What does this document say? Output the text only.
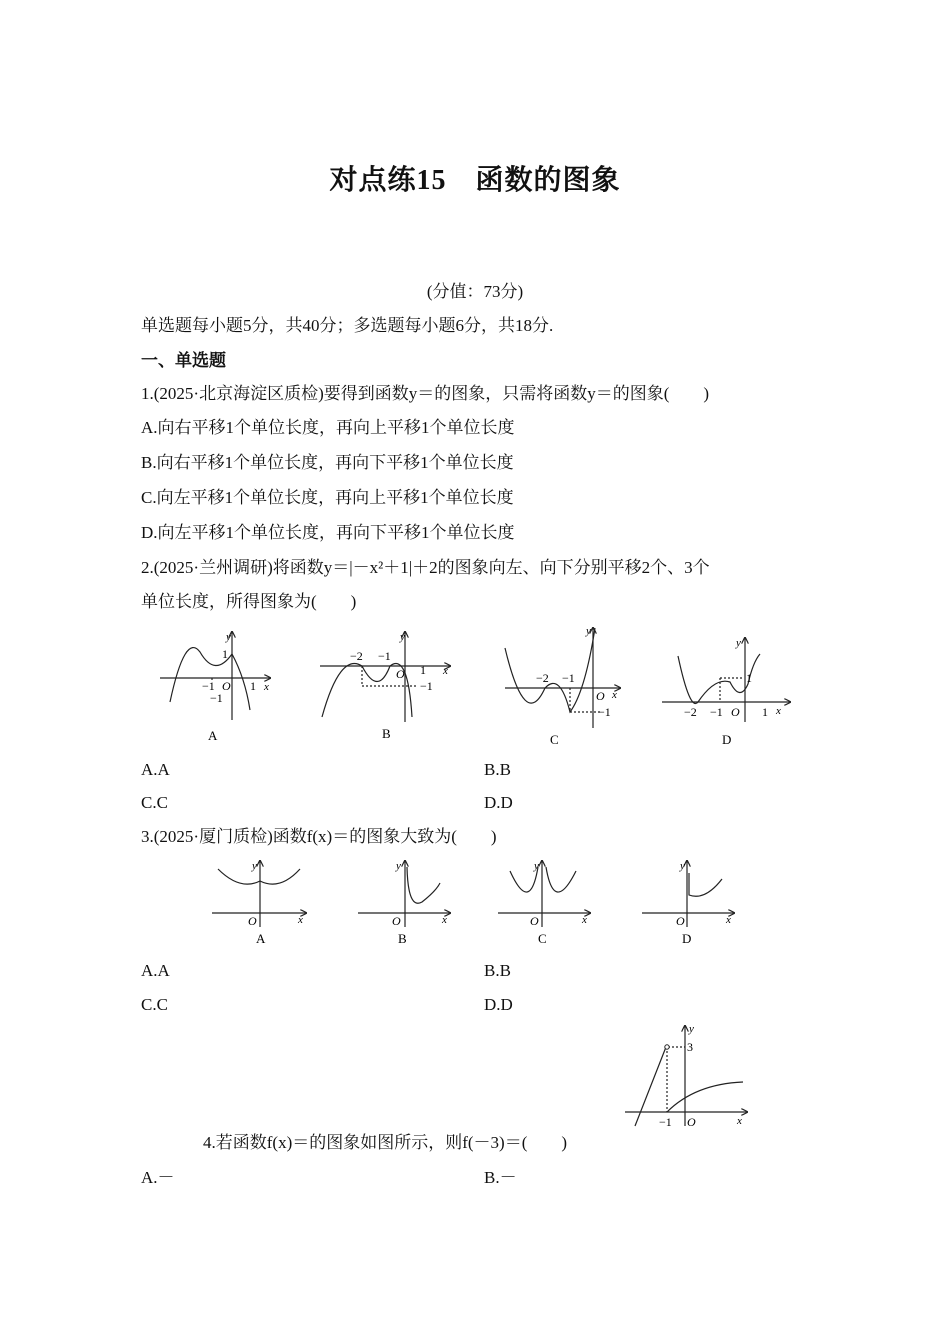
对点练15　函数的图象
(分值：73分)
单选题每小题5分，共40分；多选题每小题6分，共18分.
一、单选题
1.(2025·北京海淀区质检)要得到函数y＝的图象，只需将函数y＝的图象(　　)
A.向右平移1个单位长度，再向上平移1个单位长度
B.向右平移1个单位长度，再向下平移1个单位长度
C.向左平移1个单位长度，再向上平移1个单位长度
D.向左平移1个单位长度，再向下平移1个单位长度
2.(2025·兰州调研)将函数y＝|－x²＋1|＋2的图象向左、向下分别平移2个、3个
单位长度，所得图象为(　　)
y
1
−1 O 1 x
−1
A
y
−2 −1
O 1 x
−1
B
y
−2 −1
O x
−1
C
y
1
−2 −1 O 1 x
D
A.A	B.B
C.C	D.D
3.(2025·厦门质检)函数f(x)＝的图象大致为(　　)
y
O	x
A
y
O	x
B
y
O	x
C
y
O	x
D
A.A	B.B
C.C	D.D
y
3
−1 O	x
4.若函数f(x)＝的图象如图所示，则f(－3)＝(　　)
A.－	B.－
